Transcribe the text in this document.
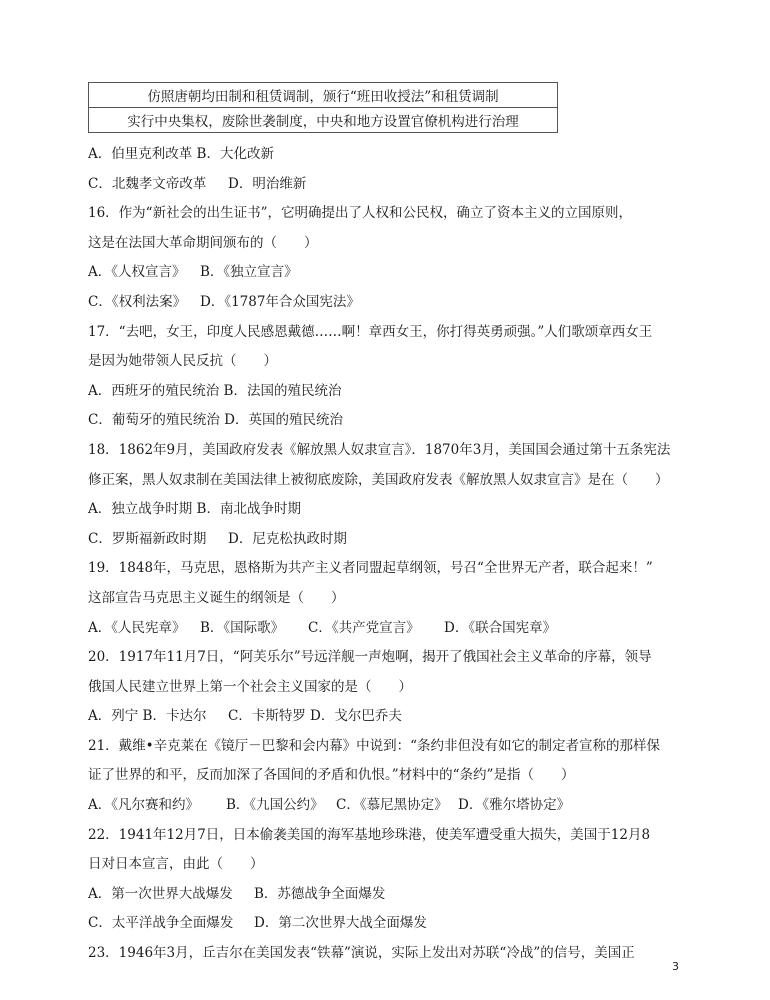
仿照唐朝均田制和租赁调制，颁行“班田收授法”和租赁调制
实行中央集权，废除世袭制度，中央和地方设置官僚机构进行治理
A．伯里克利改革 B．大化改新
C．北魏孝文帝改革 D．明治维新
16．作为“新社会的出生证书”，它明确提出了人权和公民权，确立了资本主义的立国原则，
这是在法国大革命期间颁布的（　　）
A．《人权宣言》 B．《独立宣言》
C．《权利法案》 D．《1787年合众国宪法》
17．“去吧，女王，印度人民感恩戴德……啊！章西女王，你打得英勇顽强。”人们歌颂章西女王
是因为她带领人民反抗（　　）
A．西班牙的殖民统治 B．法国的殖民统治
C．葡萄牙的殖民统治 D．英国的殖民统治
18．1862年9月，美国政府发表《解放黑人奴隶宣言》．1870年3月，美国国会通过第十五条宪法
修正案，黑人奴隶制在美国法律上被彻底废除，美国政府发表《解放黑人奴隶宣言》是在（　　）
A．独立战争时期 B．南北战争时期
C．罗斯福新政时期 D．尼克松执政时期
19．1848年，马克思，恩格斯为共产主义者同盟起草纲领，号召“全世界无产者，联合起来！”
这部宣告马克思主义诞生的纲领是（　　）
A．《人民宪章》 B．《国际歌》 C．《共产党宣言》 D．《联合国宪章》
20．1917年11月7日，“阿芙乐尔”号远洋舰一声炮啊，揭开了俄国社会主义革命的序幕，领导
俄国人民建立世界上第一个社会主义国家的是（　　）
A．列宁 B．卡达尔 C．卡斯特罗 D．戈尔巴乔夫
21．戴维•辛克莱在《镜厅－巴黎和会内幕》中说到：“条约非但没有如它的制定者宣称的那样保
证了世界的和平，反而加深了各国间的矛盾和仇恨。”材料中的“条约”是指（　　）
A．《凡尔赛和约》 B．《九国公约》 C．《慕尼黑协定》 D．《雅尔塔协定》
22．1941年12月7日，日本偷袭美国的海军基地珍珠港，使美军遭受重大损失，美国于12月8
日对日本宣言，由此（　　）
A．第一次世界大战爆发 B．苏德战争全面爆发
C．太平洋战争全面爆发 D．第二次世界大战全面爆发
23．1946年3月，丘吉尔在美国发表“铁幕”演说，实际上发出对苏联“冷战”的信号，美国正
3
